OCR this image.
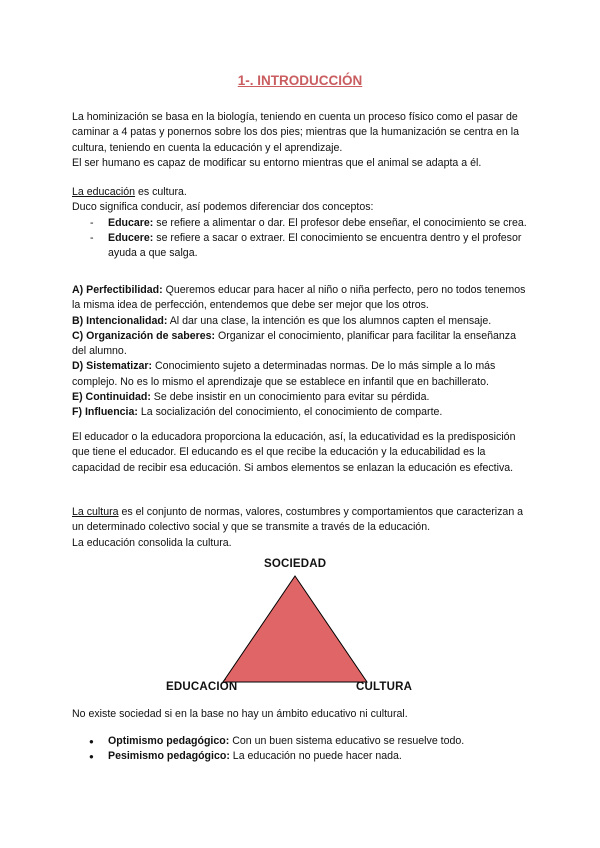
1-. INTRODUCCIÓN

La hominización se basa en la biología, teniendo en cuenta un proceso físico como el pasar de caminar a 4 patas y ponernos sobre los dos pies; mientras que la humanización se centra en la cultura, teniendo en cuenta la educación y el aprendizaje.

El ser humano es capaz de modificar su entorno mientras que el animal se adapta a él.

La educación es cultura.

Duco significa conducir, así podemos diferenciar dos conceptos:

- Educare: se refiere a alimentar o dar. El profesor debe enseñar, el conocimiento se crea.

- Educere: se refiere a sacar o extraer. El conocimiento se encuentra dentro y el profesor ayuda a que salga.

A) Perfectibilidad: Queremos educar para hacer al niño o niña perfecto, pero no todos tenemos la misma idea de perfección, entendemos que debe ser mejor que los otros.

B) Intencionalidad: Al dar una clase, la intención es que los alumnos capten el mensaje.

C) Organización de saberes: Organizar el conocimiento, planificar para facilitar la enseñanza del alumno.

D) Sistematizar: Conocimiento sujeto a determinadas normas. De lo más simple a lo más complejo. No es lo mismo el aprendizaje que se establece en infantil que en bachillerato.

E) Continuidad: Se debe insistir en un conocimiento para evitar su pérdida.

F) Influencia: La socialización del conocimiento, el conocimiento de comparte.

El educador o la educadora proporciona la educación, así, la educatividad es la predisposición que tiene el educador. El educando es el que recibe la educación y la educabilidad es la capacidad de recibir esa educación. Si ambos elementos se enlazan la educación es efectiva.

La cultura es el conjunto de normas, valores, costumbres y comportamientos que caracterizan a un determinado colectivo social y que se transmite a través de la educación.

La educación consolida la cultura.

SOCIEDAD
EDUCACIÓN	CULTURA

No existe sociedad si en la base no hay un ámbito educativo ni cultural.

● Optimismo pedagógico: Con un buen sistema educativo se resuelve todo.

● Pesimismo pedagógico: La educación no puede hacer nada.
